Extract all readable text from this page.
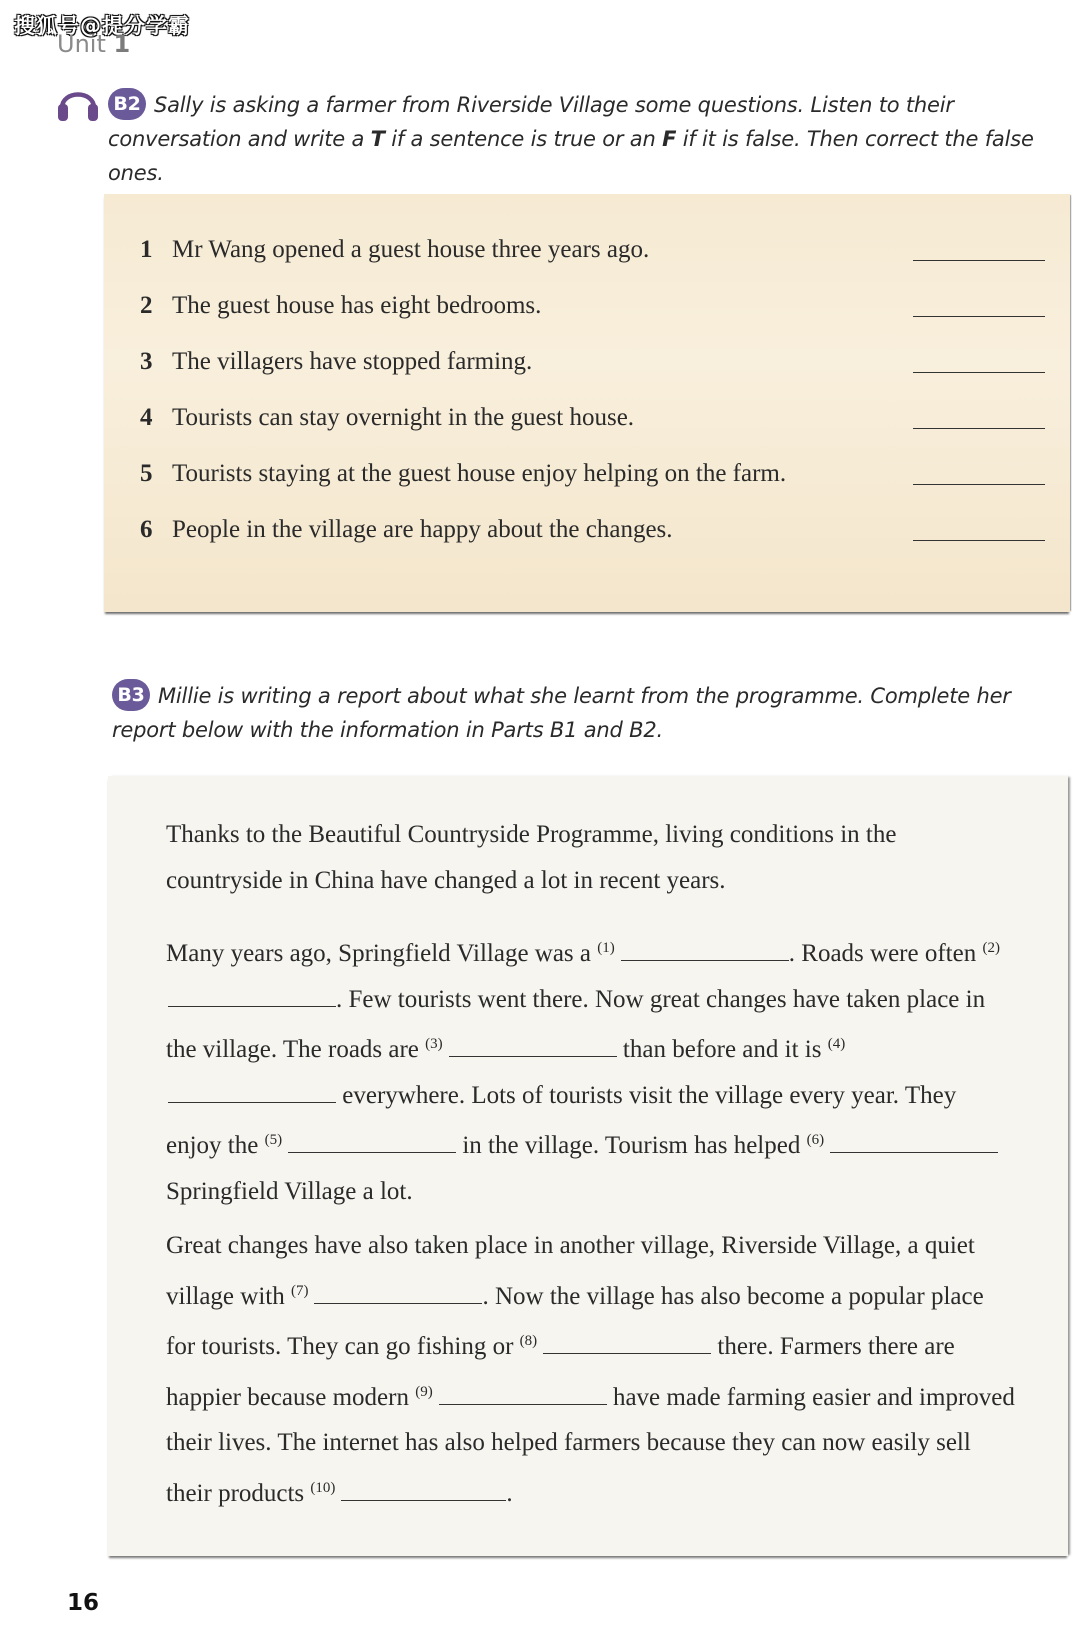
搜狐号@提分学霸
Unit 1
B2 Sally is asking a farmer from Riverside Village some questions. Listen to their conversation and write a T if a sentence is true or an F if it is false. Then correct the false ones.
1 Mr Wang opened a guest house three years ago.
2 The guest house has eight bedrooms.
3 The villagers have stopped farming.
4 Tourists can stay overnight in the guest house.
5 Tourists staying at the guest house enjoy helping on the farm.
6 People in the village are happy about the changes.
B3 Millie is writing a report about what she learnt from the programme. Complete her report below with the information in Parts B1 and B2.
Thanks to the Beautiful Countryside Programme, living conditions in the countryside in China have changed a lot in recent years.
Many years ago, Springfield Village was a $^{(1)}$	. Roads were often $^{(2)}$. Few tourists went there. Now great changes have taken place in the village. The roads are $^{(3)}$	than before and it is $^{(4)}$ everywhere. Lots of tourists visit the village every year. They enjoy the $^{(5)}$	in the village. Tourism has helped $^{(6)}$ Springfield Village a lot.
Great changes have also taken place in another village, Riverside Village, a quiet village with $^{(7)}$	. Now the village has also become a popular place for tourists. They can go fishing or $^{(8)}$	there. Farmers there are happier because modern $^{(9)}$	have made farming easier and improved their lives. The internet has also helped farmers because they can now easily sell their products $^{(10)}$	.
16
